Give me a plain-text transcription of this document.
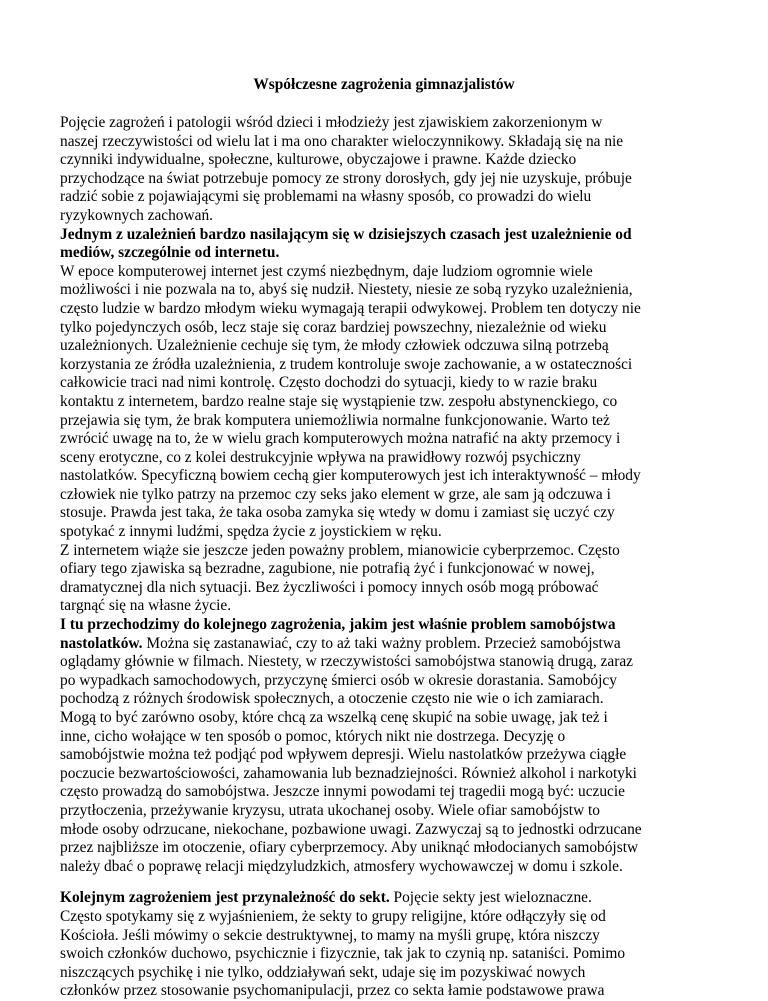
Współczesne zagrożenia gimnazjalistów
Pojęcie zagrożeń i patologii wśród dzieci i młodzieży jest zjawiskiem zakorzenionym w
naszej rzeczywistości od wielu lat i ma ono charakter wieloczynnikowy. Składają się na nie
czynniki indywidualne, społeczne, kulturowe, obyczajowe i prawne. Każde dziecko
przychodzące na świat potrzebuje pomocy ze strony dorosłych, gdy jej nie uzyskuje, próbuje
radzić sobie z pojawiającymi się problemami na własny sposób, co prowadzi do wielu
ryzykownych zachowań.
Jednym z uzależnień bardzo nasilającym się w dzisiejszych czasach jest uzależnienie od
mediów, szczególnie od internetu.
W epoce komputerowej internet jest czymś niezbędnym, daje ludziom ogromnie wiele
możliwości i nie pozwala na to, abyś się nudził. Niestety, niesie ze sobą ryzyko uzależnienia,
często ludzie w bardzo młodym wieku wymagają terapii odwykowej. Problem ten dotyczy nie
tylko pojedynczych osób, lecz staje się coraz bardziej powszechny, niezależnie od wieku
uzależnionych. Uzależnienie cechuje się tym, że młody człowiek odczuwa silną potrzebą
korzystania ze źródła uzależnienia, z trudem kontroluje swoje zachowanie, a w ostateczności
całkowicie traci nad nimi kontrolę. Często dochodzi do sytuacji, kiedy to w razie braku
kontaktu z internetem, bardzo realne staje się wystąpienie tzw. zespołu abstynenckiego, co
przejawia się tym, że brak komputera uniemożliwia normalne funkcjonowanie. Warto też
zwrócić uwagę na to, że w wielu grach komputerowych można natrafić na akty przemocy i
sceny erotyczne, co z kolei destrukcyjnie wpływa na prawidłowy rozwój psychiczny
nastolatków. Specyficzną bowiem cechą gier komputerowych jest ich interaktywność – młody
człowiek nie tylko patrzy na przemoc czy seks jako element w grze, ale sam ją odczuwa i
stosuje. Prawda jest taka, że taka osoba zamyka się wtedy w domu i zamiast się uczyć czy
spotykać z innymi ludźmi, spędza życie z joystickiem w ręku.
Z internetem wiąże sie jeszcze jeden poważny problem, mianowicie cyberprzemoc. Często
ofiary tego zjawiska są bezradne, zagubione, nie potrafią żyć i funkcjonować w nowej,
dramatycznej dla nich sytuacji. Bez życzliwości i pomocy innych osób mogą próbować
targnąć się na własne życie.
I tu przechodzimy do kolejnego zagrożenia, jakim jest właśnie problem samobójstwa
nastolatków. Można się zastanawiać, czy to aż taki ważny problem. Przecież samobójstwa
oglądamy głównie w filmach. Niestety, w rzeczywistości samobójstwa stanowią drugą, zaraz
po wypadkach samochodowych, przyczynę śmierci osób w okresie dorastania. Samobójcy
pochodzą z różnych środowisk społecznych, a otoczenie często nie wie o ich zamiarach.
Mogą to być zarówno osoby, które chcą za wszelką cenę skupić na sobie uwagę, jak też i
inne, cicho wołające w ten sposób o pomoc, których nikt nie dostrzega. Decyzję o
samobójstwie można też podjąć pod wpływem depresji. Wielu nastolatków przeżywa ciągłe
poczucie bezwartościowości, zahamowania lub beznadziejności. Również alkohol i narkotyki
często prowadzą do samobójstwa. Jeszcze innymi powodami tej tragedii mogą być: uczucie
przytłoczenia, przeżywanie kryzysu, utrata ukochanej osoby. Wiele ofiar samobójstw to
młode osoby odrzucane, niekochane, pozbawione uwagi. Zazwyczaj są to jednostki odrzucane
przez najbliższe im otoczenie, ofiary cyberprzemocy. Aby uniknąć młodocianych samobójstw
należy dbać o poprawę relacji międzyludzkich, atmosfery wychowawczej w domu i szkole.
Kolejnym zagrożeniem jest przynależność do sekt. Pojęcie sekty jest wieloznaczne.
Często spotykamy się z wyjaśnieniem, że sekty to grupy religijne, które odłączyły się od
Kościoła. Jeśli mówimy o sekcie destruktywnej, to mamy na myśli grupę, która niszczy
swoich członków duchowo, psychicznie i fizycznie, tak jak to czynią np. sataniści. Pomimo
niszczących psychikę i nie tylko, oddziaływań sekt, udaje się im pozyskiwać nowych
członków przez stosowanie psychomanipulacji, przez co sekta łamie podstawowe prawa
